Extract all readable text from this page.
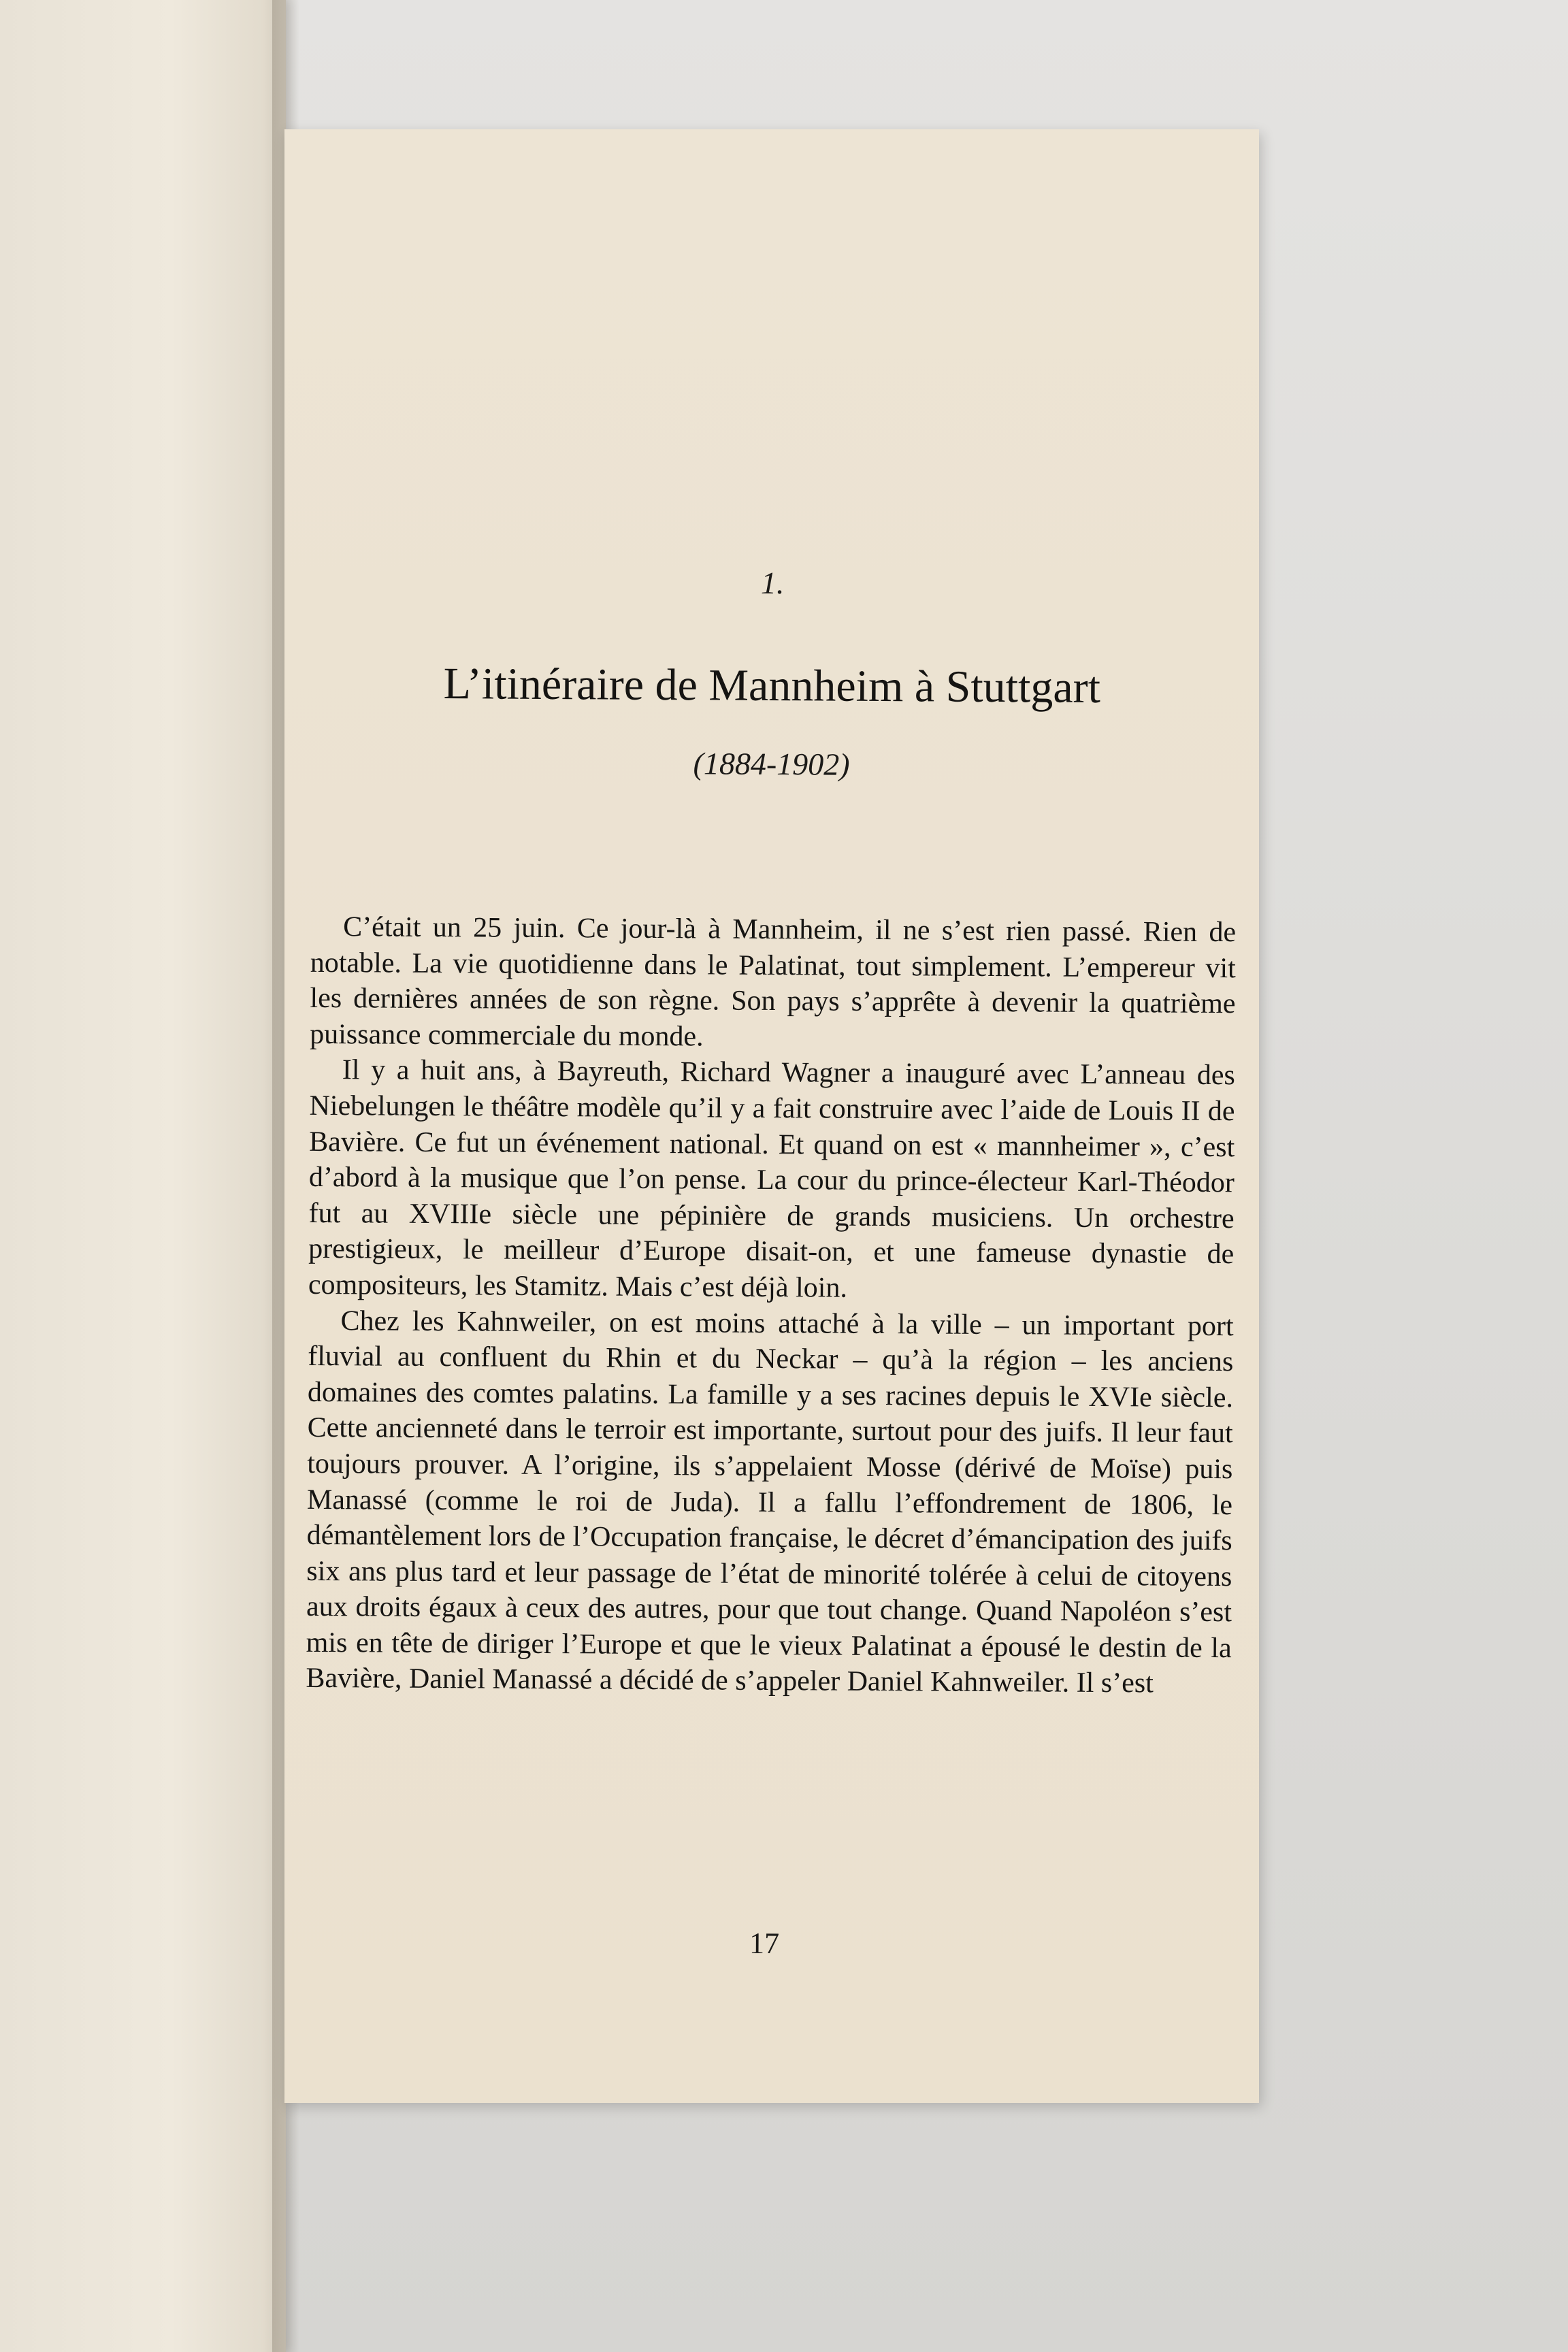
1.

L’itinéraire de Mannheim à Stuttgart

(1884-1902)

C’était un 25 juin. Ce jour-là à Mannheim, il ne s’est rien passé. Rien de notable. La vie quotidienne dans le Palatinat, tout simplement. L’empereur vit les dernières années de son règne. Son pays s’apprête à devenir la quatrième puissance commerciale du monde.

Il y a huit ans, à Bayreuth, Richard Wagner a inauguré avec L’anneau des Niebelungen le théâtre modèle qu’il y a fait construire avec l’aide de Louis II de Bavière. Ce fut un événement national. Et quand on est « mannheimer », c’est d’abord à la musique que l’on pense. La cour du prince-électeur Karl-Théodor fut au XVIIIe siècle une pépinière de grands musiciens. Un orchestre prestigieux, le meilleur d’Europe disait-on, et une fameuse dynastie de compositeurs, les Stamitz. Mais c’est déjà loin.

Chez les Kahnweiler, on est moins attaché à la ville – un important port fluvial au confluent du Rhin et du Neckar – qu’à la région – les anciens domaines des comtes palatins. La famille y a ses racines depuis le XVIe siècle. Cette ancienneté dans le terroir est importante, surtout pour des juifs. Il leur faut toujours prouver. A l’origine, ils s’appelaient Mosse (dérivé de Moïse) puis Manassé (comme le roi de Juda). Il a fallu l’effondrement de 1806, le démantèlement lors de l’Occupation française, le décret d’émancipation des juifs six ans plus tard et leur passage de l’état de minorité tolérée à celui de citoyens aux droits égaux à ceux des autres, pour que tout change. Quand Napoléon s’est mis en tête de diriger l’Europe et que le vieux Palatinat a épousé le destin de la Bavière, Daniel Manassé a décidé de s’appeler Daniel Kahnweiler. Il s’est

17
